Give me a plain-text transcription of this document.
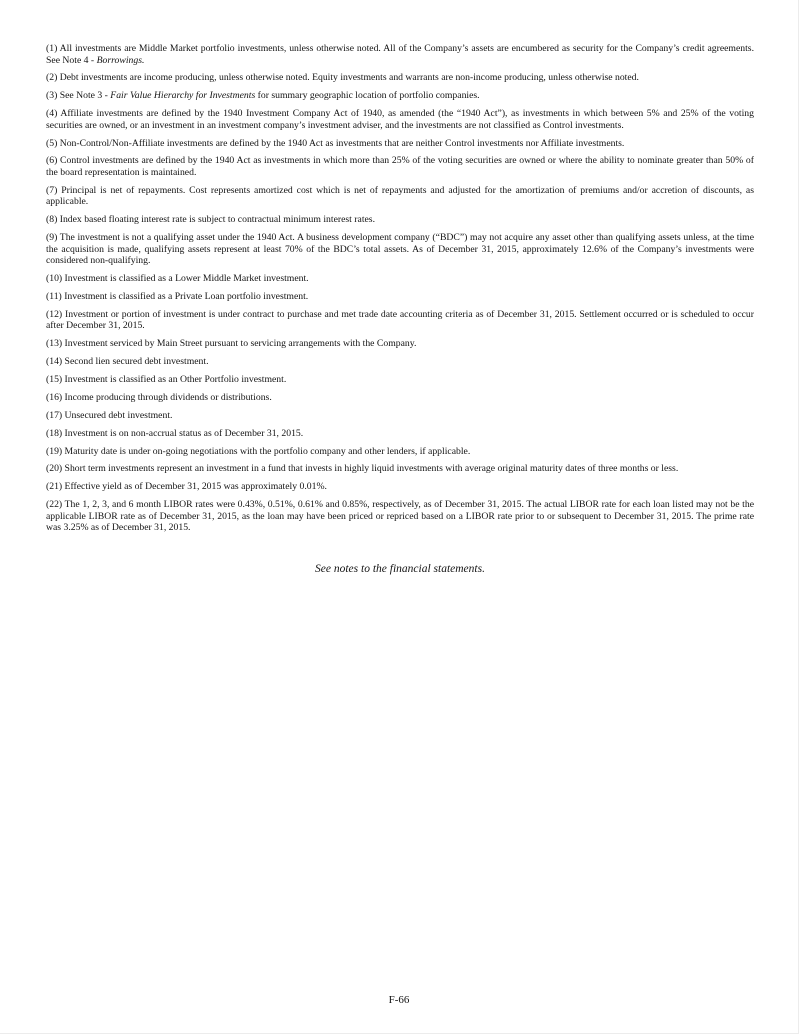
(1) All investments are Middle Market portfolio investments, unless otherwise noted. All of the Company’s assets are encumbered as security for the Company’s credit agreements. See Note 4 - Borrowings.

(2) Debt investments are income producing, unless otherwise noted. Equity investments and warrants are non-income producing, unless otherwise noted.

(3) See Note 3 - Fair Value Hierarchy for Investments for summary geographic location of portfolio companies.

(4) Affiliate investments are defined by the 1940 Investment Company Act of 1940, as amended (the “1940 Act”), as investments in which between 5% and 25% of the voting securities are owned, or an investment in an investment company’s investment adviser, and the investments are not classified as Control investments.

(5) Non-Control/Non-Affiliate investments are defined by the 1940 Act as investments that are neither Control investments nor Affiliate investments.

(6) Control investments are defined by the 1940 Act as investments in which more than 25% of the voting securities are owned or where the ability to nominate greater than 50% of the board representation is maintained.

(7) Principal is net of repayments. Cost represents amortized cost which is net of repayments and adjusted for the amortization of premiums and/or accretion of discounts, as applicable.

(8) Index based floating interest rate is subject to contractual minimum interest rates.

(9) The investment is not a qualifying asset under the 1940 Act. A business development company (“BDC”) may not acquire any asset other than qualifying assets unless, at the time the acquisition is made, qualifying assets represent at least 70% of the BDC’s total assets. As of December 31, 2015, approximately 12.6% of the Company’s investments were considered non-qualifying.

(10) Investment is classified as a Lower Middle Market investment.

(11) Investment is classified as a Private Loan portfolio investment.

(12) Investment or portion of investment is under contract to purchase and met trade date accounting criteria as of December 31, 2015. Settlement occurred or is scheduled to occur after December 31, 2015.

(13) Investment serviced by Main Street pursuant to servicing arrangements with the Company.

(14) Second lien secured debt investment.

(15) Investment is classified as an Other Portfolio investment.

(16) Income producing through dividends or distributions.

(17) Unsecured debt investment.

(18) Investment is on non-accrual status as of December 31, 2015.

(19) Maturity date is under on-going negotiations with the portfolio company and other lenders, if applicable.

(20) Short term investments represent an investment in a fund that invests in highly liquid investments with average original maturity dates of three months or less.

(21) Effective yield as of December 31, 2015 was approximately 0.01%.

(22) The 1, 2, 3, and 6 month LIBOR rates were 0.43%, 0.51%, 0.61% and 0.85%, respectively, as of December 31, 2015. The actual LIBOR rate for each loan listed may not be the applicable LIBOR rate as of December 31, 2015, as the loan may have been priced or repriced based on a LIBOR rate prior to or subsequent to December 31, 2015. The prime rate was 3.25% as of December 31, 2015.

See notes to the financial statements.
F-66
